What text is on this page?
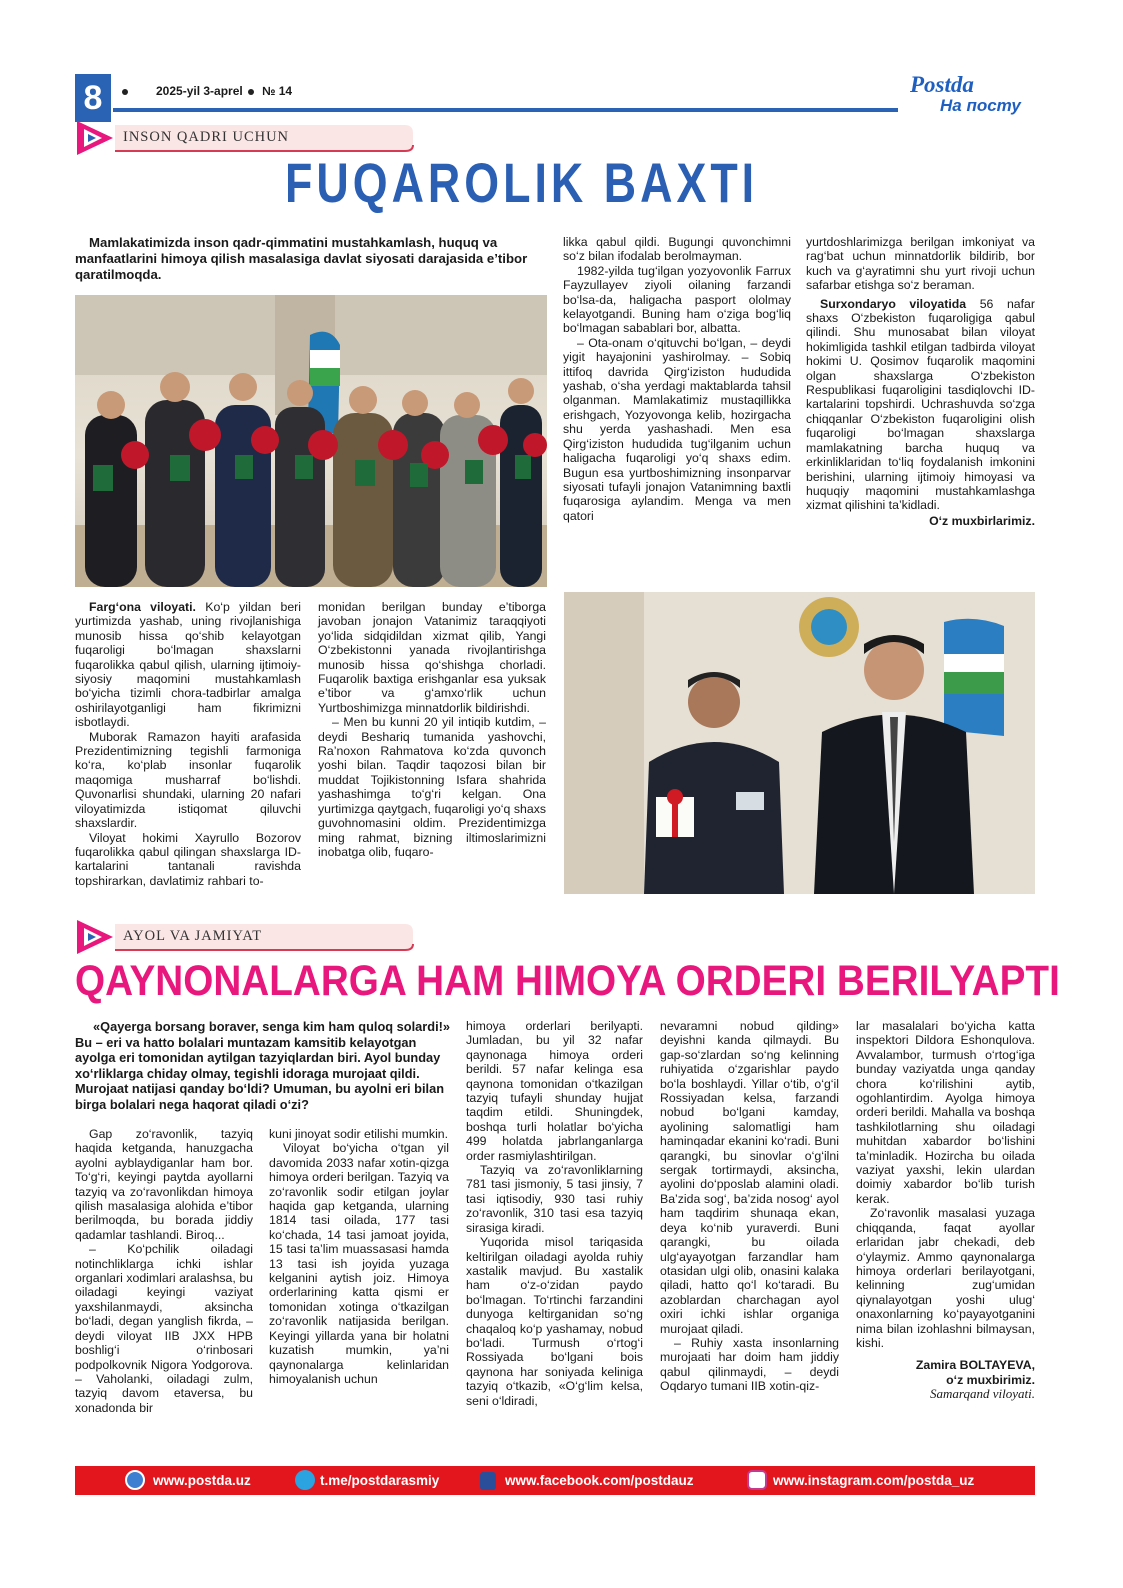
8	2025-yil 3-aprel № 14	Postda
На посту
INSON QADRI UCHUN
FUQAROLIK BAXTI
Mamlakatimizda inson qadr-qimmatini mustahkamlash, huquq va manfaatlarini himoya qilish masalasiga davlat siyosati darajasida e’tibor qaratilmoqda.

likka qabul qildi. Bugungi quvonchimni so‘z bilan ifodalab berolmayman.

1982-yilda tug‘ilgan yozyovonlik Farrux Fayzullayev ziyoli oilaning farzandi bo‘lsa-da, haligacha pasport ololmay kelayotgandi. Buning ham o‘ziga bog‘liq bo‘lmagan sabablari bor, albatta.

– Ota-onam o‘qituvchi bo‘lgan, – deydi yigit hayajonini yashirolmay. – Sobiq ittifoq davrida Qirg‘iziston hududida yashab, o‘sha yerdagi maktablarda tahsil olganman. Mamlakatimiz mustaqillikka erishgach, Yozyovonga kelib, hozirgacha shu yerda yashashadi. Men esa Qirg‘iziston hududida tug‘ilganim uchun haligacha fuqaroligi yo‘q shaxs edim. Bugun esa yurtboshimizning insonparvar siyosati tufayli jonajon Vatanimning baxtli fuqarosiga aylandim. Menga va men qatori

yurtdoshlarimizga berilgan imkoniyat va rag‘bat uchun minnatdorlik bildirib, bor kuch va g‘ayratimni shu yurt rivoji uchun safarbar etishga so‘z beraman.

Surxondaryo viloyatida 56 nafar shaxs O‘zbekiston fuqaroligiga qabul qilindi. Shu munosabat bilan viloyat hokimligida tashkil etilgan tadbirda viloyat hokimi U. Qosimov fuqarolik maqomini olgan shaxslarga O‘zbekiston Respublikasi fuqaroligini tasdiqlovchi ID-kartalarini topshirdi. Uchrashuvda so‘zga chiqqanlar O‘zbekiston fuqaroligini olish fuqaroligi bo‘lmagan shaxslarga mamlakatning barcha huquq va erkinliklaridan to‘liq foydalanish imkonini berishini, ularning ijtimoiy himoyasi va huquqiy maqomini mustahkamlashga xizmat qilishini ta’kidladi.

O‘z muxbirlarimiz.

Farg‘ona viloyati. Ko‘p yildan beri yurtimizda yashab, uning rivojlanishiga munosib hissa qo‘shib kelayotgan fuqaroligi bo‘lmagan shaxslarni fuqarolikka qabul qilish, ularning ijtimoiy-siyosiy maqomini mustahkamlash bo‘yicha tizimli chora-tadbirlar amalga oshirilayotganligi ham fikrimizni isbotlaydi.

Muborak Ramazon hayiti arafasida Prezidentimizning tegishli farmoniga ko‘ra, ko‘plab insonlar fuqarolik maqomiga musharraf bo‘lishdi. Quvonarlisi shundaki, ularning 20 nafari viloyatimizda istiqomat qiluvchi shaxslardir.

Viloyat hokimi Xayrullo Bozorov fuqarolikka qabul qilingan shaxslarga ID-kartalarini tantanali ravishda topshirarkan, davlatimiz rahbari to-

monidan berilgan bunday e’tiborga javoban jonajon Vatanimiz taraqqiyoti yo‘lida sidqidildan xizmat qilib, Yangi O‘zbekistonni yanada rivojlantirishga munosib hissa qo‘shishga chorladi. Fuqarolik baxtiga erishganlar esa yuksak e’tibor va g‘amxo‘rlik uchun Yurtboshimizga minnatdorlik bildirishdi.

– Men bu kunni 20 yil intiqib kutdim, – deydi Beshariq tumanida yashovchi, Ra’noxon Rahmatova ko‘zda quvonch yoshi bilan. Taqdir taqozosi bilan bir muddat Tojikistonning Isfara shahrida yashashimga to‘g‘ri kelgan. Ona yurtimizga qaytgach, fuqaroligi yo‘q shaxs guvohnomasini oldim. Prezidentimizga ming rahmat, bizning iltimoslarimizni inobatga olib, fuqaro-

AYOL VA JAMIYAT
QAYNONALARGA HAM HIMOYA ORDERI BERILYAPTI
«Qayerga borsang boraver, senga kim ham quloq solardi!» Bu – eri va hatto bolalari muntazam kamsitib kelayotgan ayolga eri tomonidan aytilgan tazyiqlardan biri. Ayol bunday xo‘rliklarga chiday olmay, tegishli idoraga murojaat qildi. Murojaat natijasi qanday bo‘ldi? Umuman, bu ayolni eri bilan birga bolalari nega haqorat qiladi o‘zi?

Gap zo‘ravonlik, tazyiq haqida ketganda, hanuzgacha ayolni ayblaydiganlar ham bor. To‘g‘ri, keyingi paytda ayollarni tazyiq va zo‘ravonlikdan himoya qilish masalasiga alohida e’tibor berilmoqda, bu borada jiddiy qadamlar tashlandi. Biroq...

– Ko‘pchilik oiladagi notinchliklarga ichki ishlar organlari xodimlari aralashsa, bu oiladagi keyingi vaziyat yaxshilanmaydi, aksincha bo‘ladi, degan yanglish fikrda, – deydi viloyat IIB JXX HPB boshlig‘i o‘rinbosari podpolkovnik Nigora Yodgorova. – Vaholanki, oiladagi zulm, tazyiq davom etaversa, bu xonadonda bir

kuni jinoyat sodir etilishi mumkin.

Viloyat bo‘yicha o‘tgan yil davomida 2033 nafar xotin-qizga himoya orderi berilgan. Tazyiq va zo‘ravonlik sodir etilgan joylar haqida gap ketganda, ularning 1814 tasi oilada, 177 tasi ko‘chada, 14 tasi jamoat joyida, 15 tasi ta’lim muassasasi hamda 13 tasi ish joyida yuzaga kelganini aytish joiz. Himoya orderlarining katta qismi er tomonidan xotinga o‘tkazilgan zo‘ravonlik natijasida berilgan. Keyingi yillarda yana bir holatni kuzatish mumkin, ya’ni qaynonalarga kelinlaridan himoyalanish uchun

himoya orderlari berilyapti. Jumladan, bu yil 32 nafar qaynonaga himoya orderi berildi. 57 nafar kelinga esa qaynona tomonidan o‘tkazilgan tazyiq tufayli shunday hujjat taqdim etildi. Shuningdek, boshqa turli holatlar bo‘yicha 499 holatda jabrlanganlarga order rasmiylashtirilgan.

Tazyiq va zo‘ravonliklarning 781 tasi jismoniy, 5 tasi jinsiy, 7 tasi iqtisodiy, 930 tasi ruhiy zo‘ravonlik, 310 tasi esa tazyiq sirasiga kiradi.

Yuqorida misol tariqasida keltirilgan oiladagi ayolda ruhiy xastalik mavjud. Bu xastalik ham o‘z-o‘zidan paydo bo‘lmagan. To‘rtinchi farzandini dunyoga keltirganidan so‘ng chaqaloq ko‘p yashamay, nobud bo‘ladi. Turmush o‘rtog‘i Rossiyada bo‘lgani bois qaynona har soniyada keliniga tazyiq o‘tkazib, «O‘g‘lim kelsa, seni o‘ldiradi,

nevaramni nobud qilding» deyishni kanda qilmaydi. Bu gap-so‘zlardan so‘ng kelinning ruhiyatida o‘zgarishlar paydo bo‘la boshlaydi. Yillar o‘tib, o‘g‘il Rossiyadan kelsa, farzandi nobud bo‘lgani kamday, ayolining salomatligi ham haminqadar ekanini ko‘radi. Buni qarangki, bu sinovlar o‘g‘ilni sergak tortirmaydi, aksincha, ayolini do‘pposlab alamini oladi. Ba’zida sog‘, ba’zida nosog‘ ayol ham taqdirim shunaqa ekan, deya ko‘nib yuraverdi. Buni qarangki, bu oilada ulg‘ayayotgan farzandlar ham otasidan ulgi olib, onasini kalaka qiladi, hatto qo‘l ko‘taradi. Bu azoblardan charchagan ayol oxiri ichki ishlar organiga murojaat qiladi.

– Ruhiy xasta insonlarning murojaati har doim ham jiddiy qabul qilinmaydi, – deydi Oqdaryo tumani IIB xotin-qiz-

lar masalalari bo‘yicha katta inspektori Dildora Eshonqulova. Avvalambor, turmush o‘rtog‘iga bunday vaziyatda unga qanday chora ko‘rilishini aytib, ogohlantirdim. Ayolga himoya orderi berildi. Mahalla va boshqa tashkilotlarning shu oiladagi muhitdan xabardor bo‘lishini ta’minladik. Hozircha bu oilada vaziyat yaxshi, lekin ulardan doimiy xabardor bo‘lib turish kerak.

Zo‘ravonlik masalasi yuzaga chiqqanda, faqat ayollar erlaridan jabr chekadi, deb o‘ylaymiz. Ammo qaynonalarga himoya orderlari berilayotgani, kelinning zug‘umidan qiynalayotgan yoshi ulug‘ onaxonlarning ko‘payayotganini nima bilan izohlashni bilmaysan, kishi.

Zamira BOLTAYEVA,
o‘z muxbirimiz.
Samarqand viloyati.
www.postda.uz	t.me/postdarasmiy	www.facebook.com/postdauz	www.instagram.com/postda_uz
